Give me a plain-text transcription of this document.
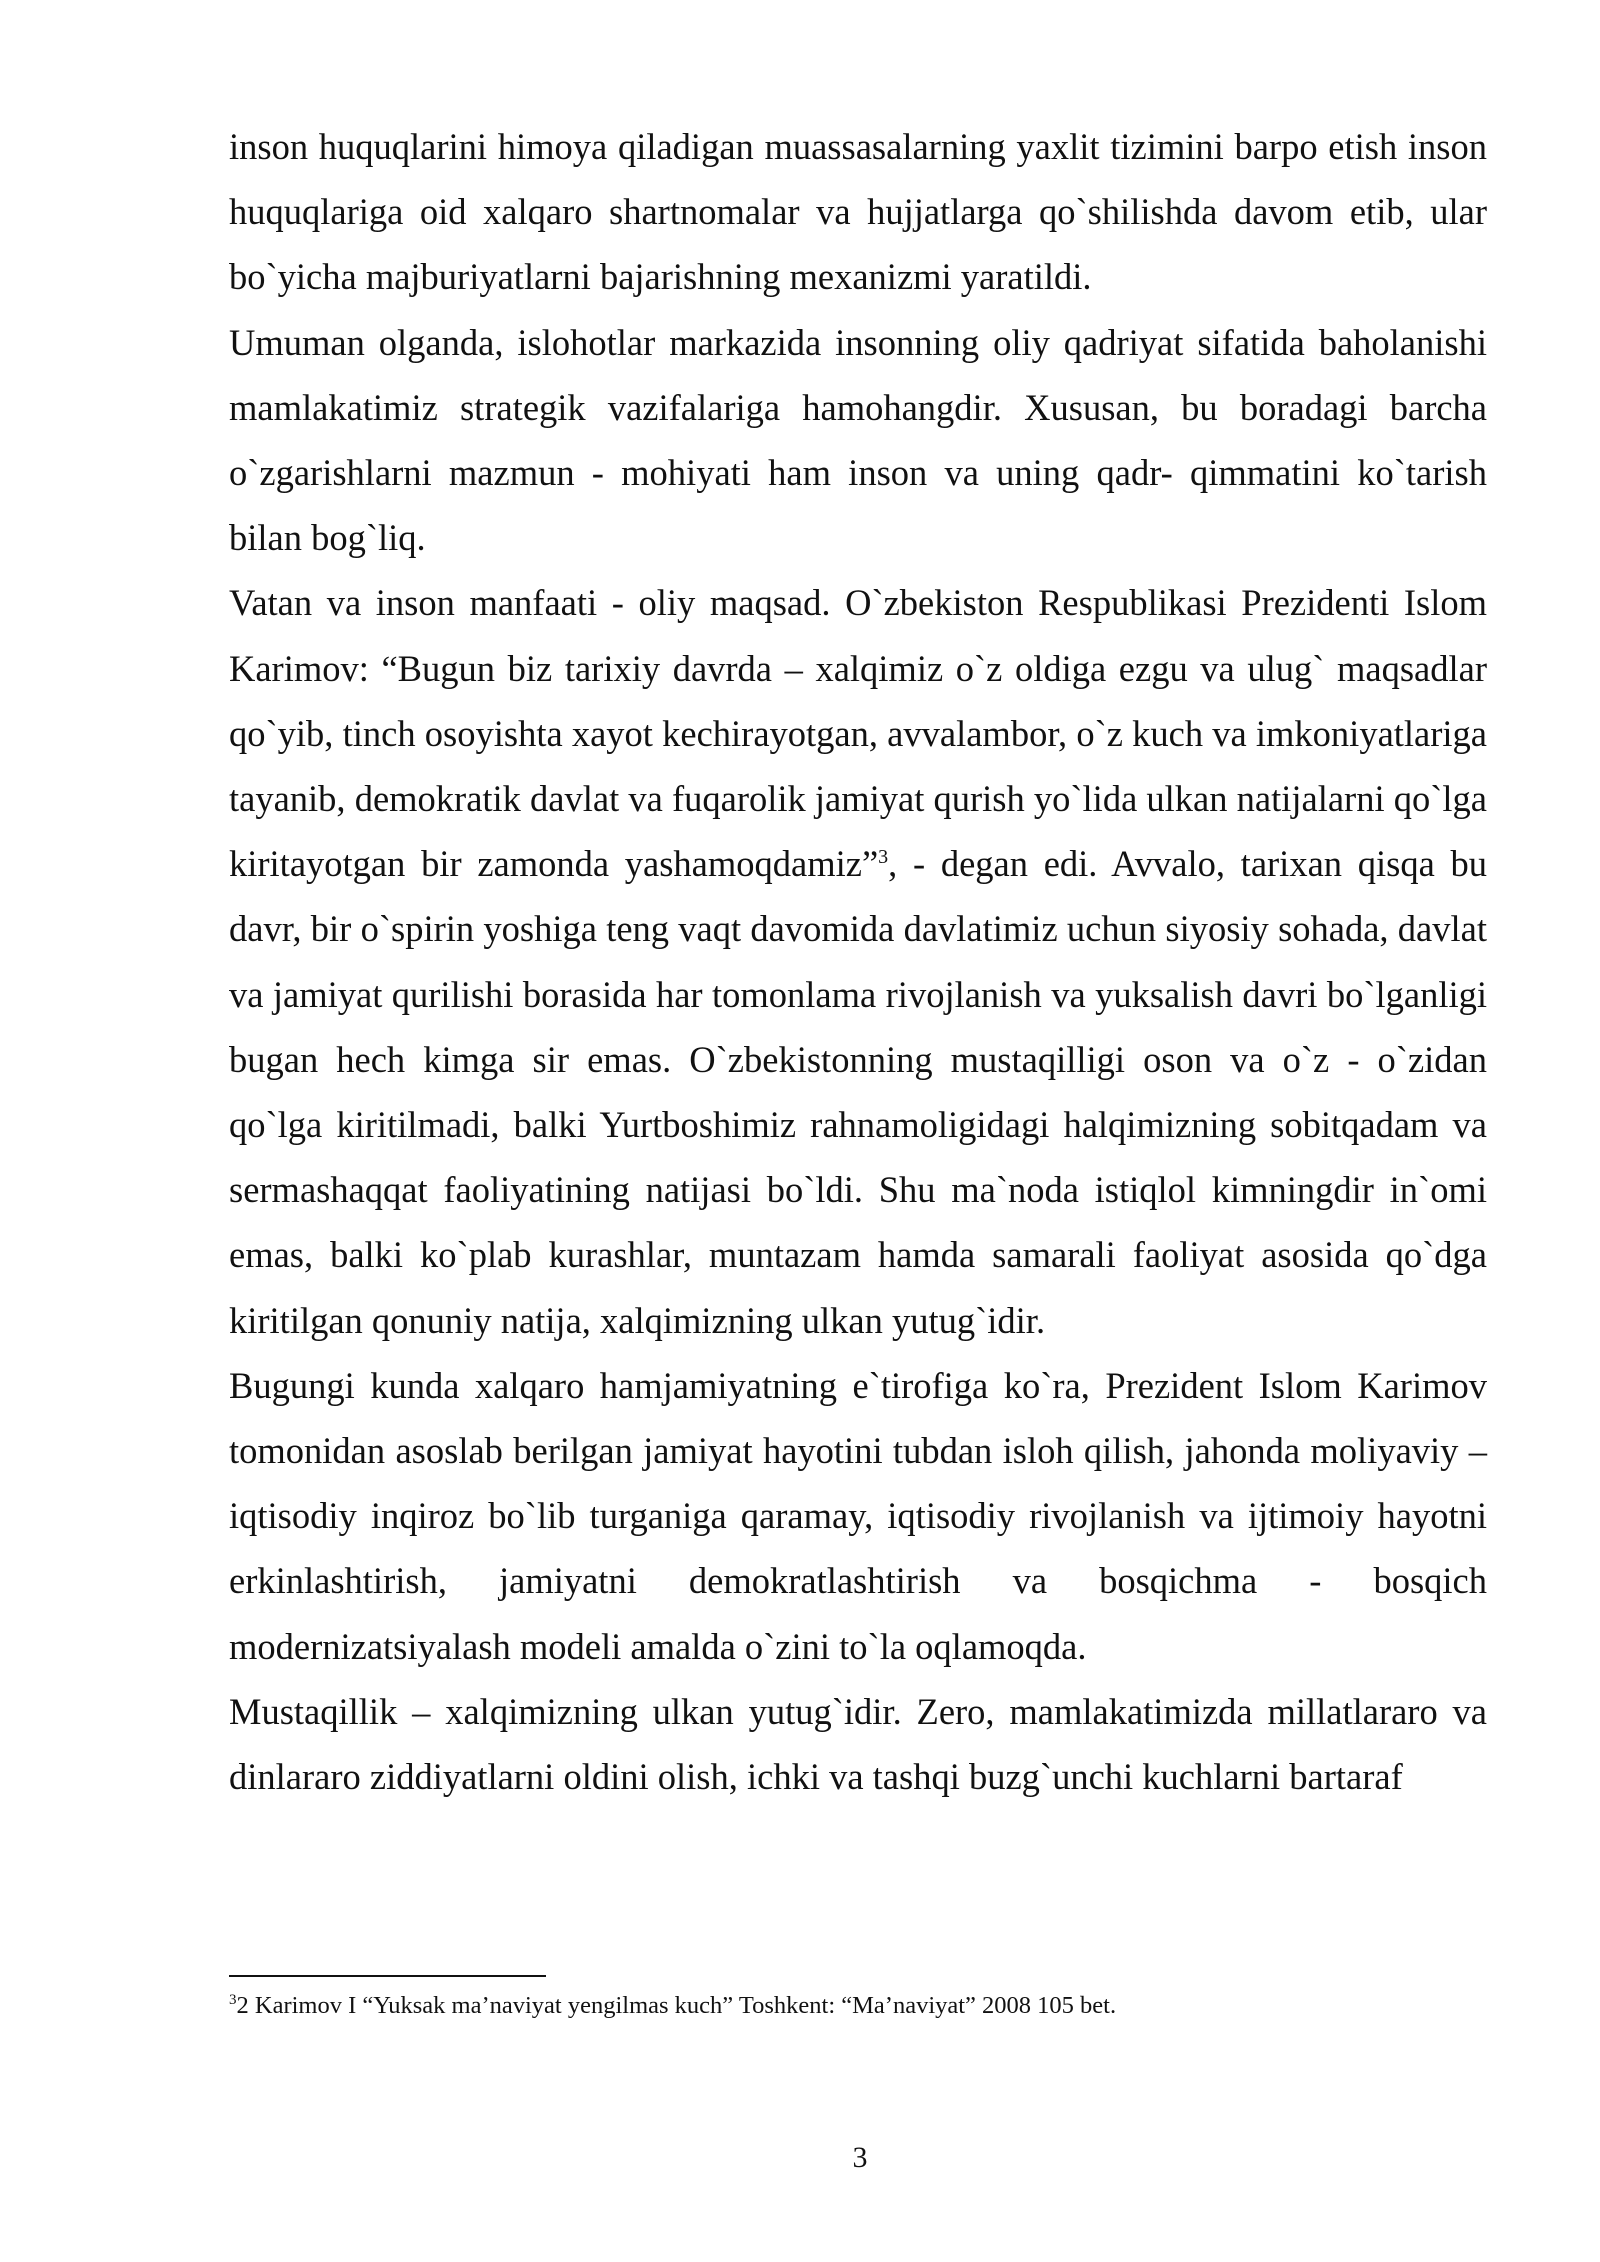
inson huquqlarini himoya qiladigan muassasalarning yaxlit tizimini barpo etish inson huquqlariga oid xalqaro shartnomalar va hujjatlarga qo`shilishda davom etib, ular bo`yicha majburiyatlarni bajarishning mexanizmi yaratildi.

Umuman olganda, islohotlar markazida insonning oliy qadriyat sifatida baholanishi mamlakatimiz strategik vazifalariga hamohangdir. Xususan, bu boradagi barcha o`zgarishlarni mazmun - mohiyati ham inson va uning qadr- qimmatini ko`tarish bilan bog`liq.

Vatan va inson manfaati - oliy maqsad. O`zbekiston Respublikasi Prezidenti Islom Karimov: “Bugun biz tarixiy davrda – xalqimiz o`z oldiga ezgu va ulug` maqsadlar qo`yib, tinch osoyishta xayot kechirayotgan, avvalambor, o`z kuch va imkoniyatlariga tayanib, demokratik davlat va fuqarolik jamiyat qurish yo`lida ulkan natijalarni qo`lga kiritayotgan bir zamonda yashamoqdamiz”$^3$, - degan edi. Avvalo, tarixan qisqa bu davr, bir o`spirin yoshiga teng vaqt davomida davlatimiz uchun siyosiy sohada, davlat va jamiyat qurilishi borasida har tomonlama rivojlanish va yuksalish davri bo`lganligi bugan hech kimga sir emas. O`zbekistonning mustaqilligi oson va o`z - o`zidan qo`lga kiritilmadi, balki Yurtboshimiz rahnamoligidagi halqimizning sobitqadam va sermashaqqat faoliyatining natijasi bo`ldi. Shu ma`noda istiqlol kimningdir in`omi emas, balki ko`plab kurashlar, muntazam hamda samarali faoliyat asosida qo`dga kiritilgan qonuniy natija, xalqimizning ulkan yutug`idir.

Bugungi kunda xalqaro hamjamiyatning e`tirofiga ko`ra, Prezident Islom Karimov tomonidan asoslab berilgan jamiyat hayotini tubdan isloh qilish, jahonda moliyaviy – iqtisodiy inqiroz bo`lib turganiga qaramay, iqtisodiy rivojlanish va ijtimoiy hayotni erkinlashtirish, jamiyatni demokratlashtirish va bosqichma - bosqich modernizatsiyalash modeli amalda o`zini to`la oqlamoqda.

Mustaqillik – xalqimizning ulkan yutug`idir. Zero, mamlakatimizda millatlararo va dinlararo ziddiyatlarni oldini olish, ichki va tashqi buzg`unchi kuchlarni bartaraf

$^3$2 Karimov I “Yuksak ma’naviyat yengilmas kuch” Toshkent: “Ma’naviyat” 2008 105 bet.

3
